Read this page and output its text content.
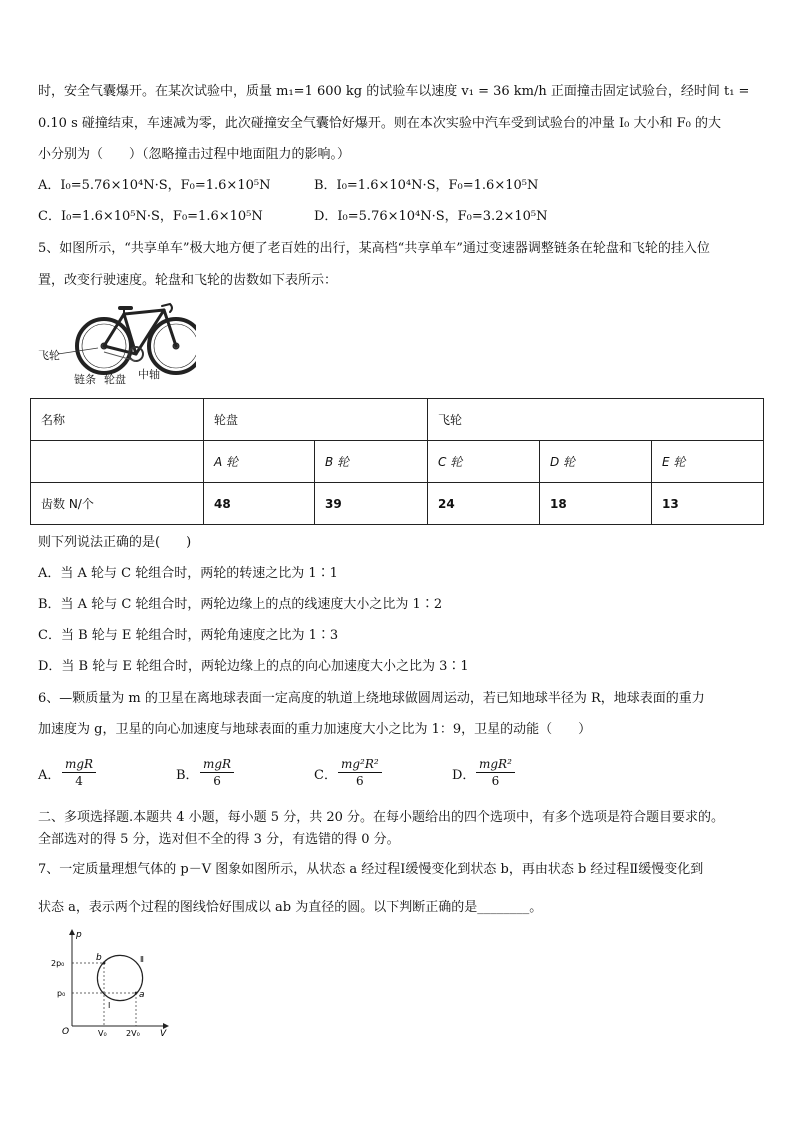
时，安全气囊爆开。在某次试验中，质量 m₁=1 600 kg 的试验车以速度 v₁ = 36 km/h 正面撞击固定试验台，经时间 t₁ =
0.10 s 碰撞结束，车速减为零，此次碰撞安全气囊恰好爆开。则在本次实验中汽车受到试验台的冲量 I₀ 大小和 F₀ 的大
小分别为（　　）（忽略撞击过程中地面阻力的影响。）
A．I₀=5.76×10⁴N·S，F₀=1.6×10⁵N	B．I₀=1.6×10⁴N·S，F₀=1.6×10⁵N
C．I₀=1.6×10⁵N·S，F₀=1.6×10⁵N	D．I₀=5.76×10⁴N·S，F₀=3.2×10⁵N
5、如图所示，“共享单车”极大地方便了老百姓的出行，某高档“共享单车”通过变速器调整链条在轮盘和飞轮的挂入位
置，改变行驶速度。轮盘和飞轮的齿数如下表所示：
飞轮
链条 轮盘 中轴
名称	轮盘		飞轮		
	A 轮	B 轮	C 轮	D 轮	E 轮
齿数 N/个	48	39	24	18	13
则下列说法正确的是(　　)
A．当 A 轮与 C 轮组合时，两轮的转速之比为 1∶1
B．当 A 轮与 C 轮组合时，两轮边缘上的点的线速度大小之比为 1∶2
C．当 B 轮与 E 轮组合时，两轮角速度之比为 1∶3
D．当 B 轮与 E 轮组合时，两轮边缘上的点的向心加速度大小之比为 3∶1
6、—颗质量为 m 的卫星在离地球表面一定高度的轨道上绕地球做圆周运动，若已知地球半径为 R，地球表面的重力
加速度为 g，卫星的向心加速度与地球表面的重力加速度大小之比为 1：9，卫星的动能（　　）
A．
mgR
4	B．
mgR
6	C． $\frac{\text{mg²R²}}{6}$	D．
mgR²
6
二、多项选择题.本题共 4 小题，每小题 5 分，共 20 分。在每小题给出的四个选项中，有多个选项是符合题目要求的。
全部选对的得 5 分，选对但不全的得 3 分，有选错的得 0 分。
7、一定质量理想气体的 p－V 图象如图所示，从状态 a 经过程Ⅰ缓慢变化到状态 b，再由状态 b 经过程Ⅱ缓慢变化到
状态 a，表示两个过程的图线恰好围成以 ab 为直径的圆。以下判断正确的是________。
p
V
O
2p₀
p₀
V₀ 2V₀
b
a
Ⅰ
Ⅱ
